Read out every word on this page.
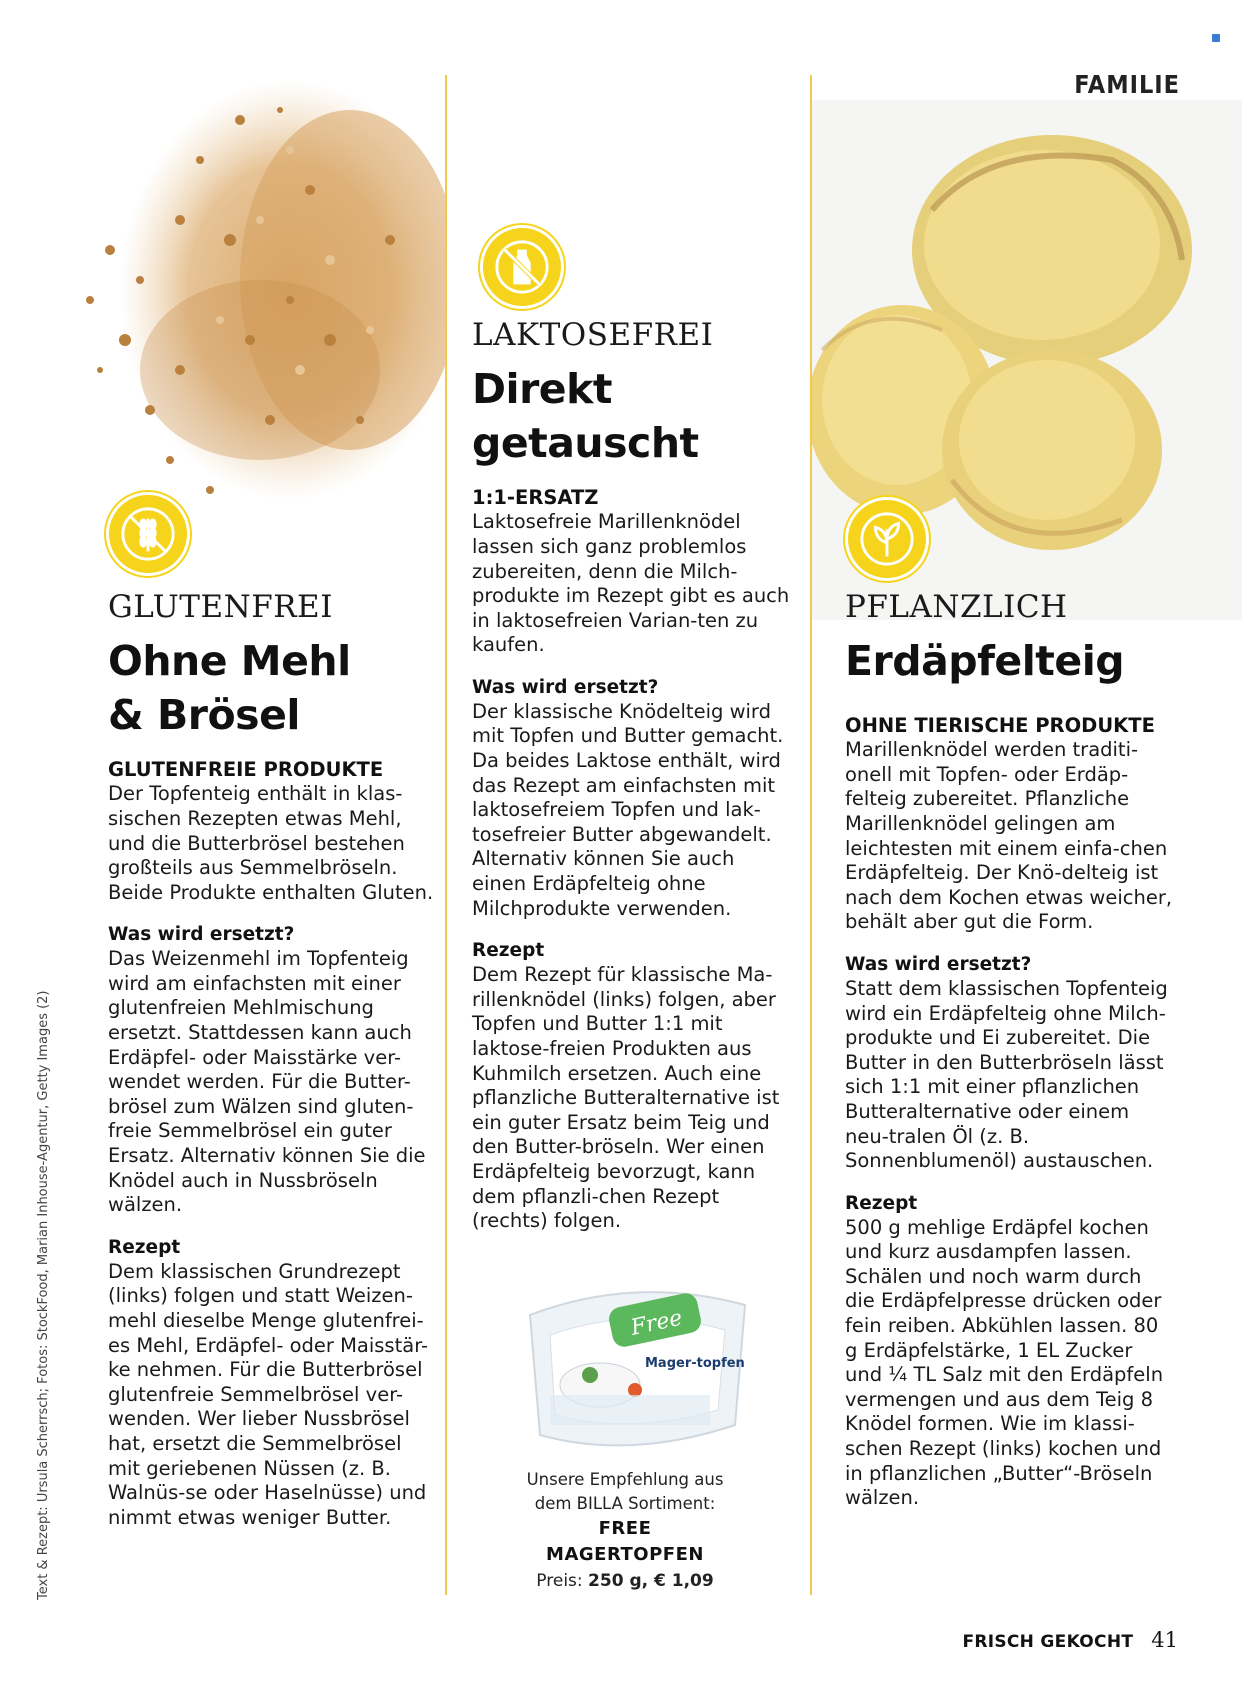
FAMILIE
GLUTENFREI
Ohne Mehl
& Brösel
GLUTENFREIE PRODUKTE
Der Topfenteig enthält in klas-sischen Rezepten etwas Mehl, und die Butterbrösel bestehen großteils aus Semmelbröseln. Beide Produkte enthalten Gluten.
Was wird ersetzt?
Das Weizenmehl im Topfenteig wird am einfachsten mit einer glutenfreien Mehlmischung ersetzt. Stattdessen kann auch Erdäpfel- oder Maisstärke ver-wendet werden. Für die Butter-brösel zum Wälzen sind gluten-freie Semmelbrösel ein guter Ersatz. Alternativ können Sie die Knödel auch in Nussbröseln wälzen.
Rezept
Dem klassischen Grundrezept (links) folgen und statt Weizen-mehl dieselbe Menge glutenfrei-es Mehl, Erdäpfel- oder Maisstär-ke nehmen. Für die Butterbrösel glutenfreie Semmelbrösel ver-wenden. Wer lieber Nussbrösel hat, ersetzt die Semmelbrösel mit geriebenen Nüssen (z. B. Walnüs-se oder Haselnüsse) und nimmt etwas weniger Butter.
LAKTOSEFREI
Direkt
getauscht
1:1-ERSATZ
Laktosefreie Marillenknödel lassen sich ganz problemlos zubereiten, denn die Milch-produkte im Rezept gibt es auch in laktosefreien Varian-ten zu kaufen.
Was wird ersetzt?
Der klassische Knödelteig wird mit Topfen und Butter gemacht. Da beides Laktose enthält, wird das Rezept am einfachsten mit laktosefreiem Topfen und lak-tosefreier Butter abgewandelt. Alternativ können Sie auch einen Erdäpfelteig ohne Milchprodukte verwenden.
Rezept
Dem Rezept für klassische Ma-rillenknödel (links) folgen, aber Topfen und Butter 1:1 mit laktose-freien Produkten aus Kuhmilch ersetzen. Auch eine pflanzliche Butteralternative ist ein guter Ersatz beim Teig und den Butter-bröseln. Wer einen Erdäpfelteig bevorzugt, kann dem pflanzli-chen Rezept (rechts) folgen.
Free
Mager-topfen
Unsere Empfehlung aus
dem BILLA Sortiment:
FREE
MAGERTOPFEN
Preis: 250 g, € 1,09
PFLANZLICH
Erdäpfelteig
OHNE TIERISCHE PRODUKTE
Marillenknödel werden traditi-onell mit Topfen- oder Erdäp-felteig zubereitet. Pflanzliche Marillenknödel gelingen am leichtesten mit einem einfa-chen Erdäpfelteig. Der Knö-delteig ist nach dem Kochen etwas weicher, behält aber gut die Form.
Was wird ersetzt?
Statt dem klassischen Topfenteig wird ein Erdäpfelteig ohne Milch-produkte und Ei zubereitet. Die Butter in den Butterbröseln lässt sich 1:1 mit einer pflanzlichen Butteralternative oder einem neu-tralen Öl (z. B. Sonnenblumenöl) austauschen.
Rezept
500 g mehlige Erdäpfel kochen und kurz ausdampfen lassen. Schälen und noch warm durch die Erdäpfelpresse drücken oder fein reiben. Abkühlen lassen. 80 g Erdäpfelstärke, 1 EL Zucker und ¼ TL Salz mit den Erdäpfeln vermengen und aus dem Teig 8 Knödel formen. Wie im klassi-schen Rezept (links) kochen und in pflanzlichen „Butter“-Bröseln wälzen.
Text & Rezept: Ursula Scherrsch; Fotos: StockFood, Marian Inhouse-Agentur, Getty Images (2)
FRISCH GEKOCHT 41
